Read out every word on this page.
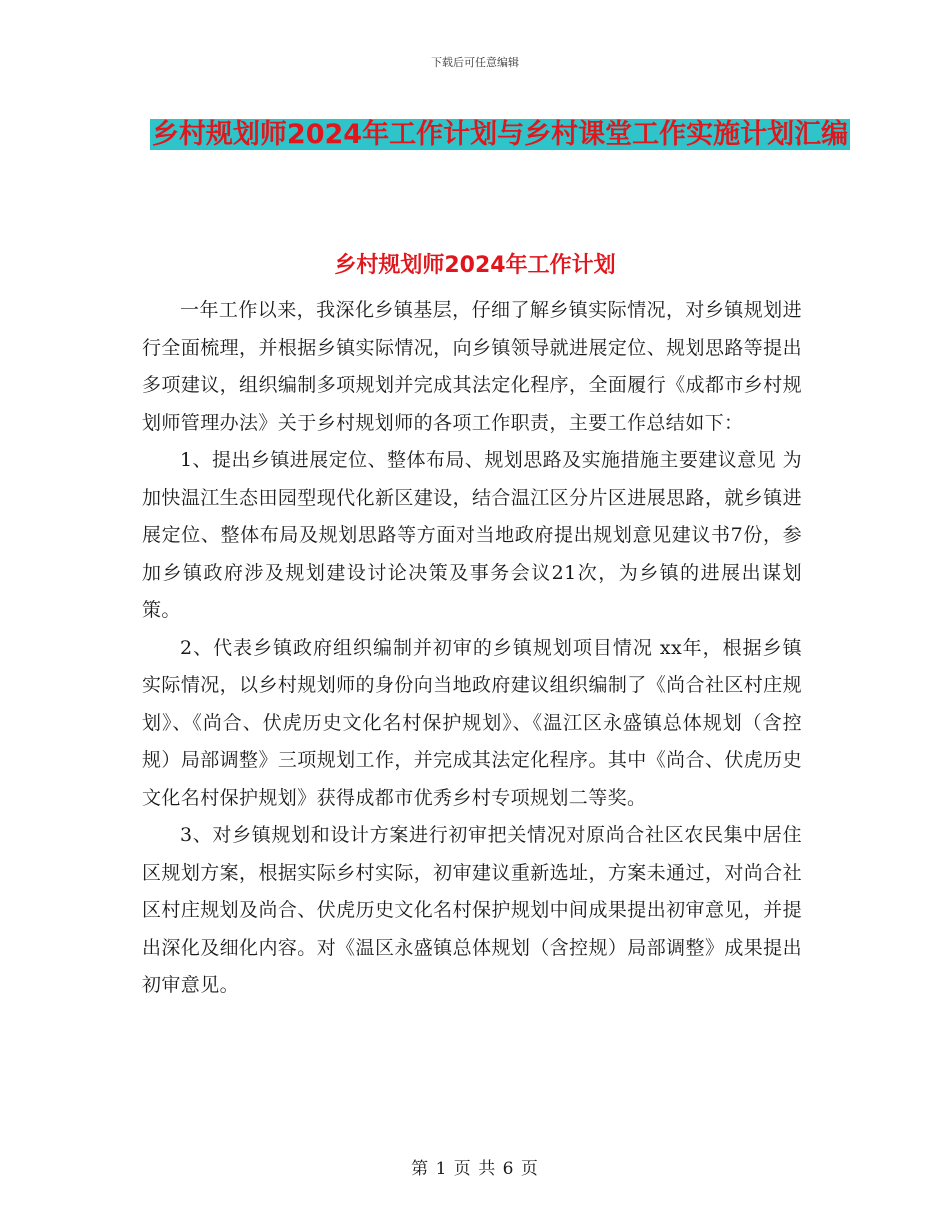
下载后可任意编辑
乡村规划师2024年工作计划与乡村课堂工作实施计划汇编
乡村规划师2024年工作计划

一年工作以来，我深化乡镇基层，仔细了解乡镇实际情况，对乡镇规划进行全面梳理，并根据乡镇实际情况，向乡镇领导就进展定位、规划思路等提出多项建议，组织编制多项规划并完成其法定化程序，全面履行《成都市乡村规划师管理办法》关于乡村规划师的各项工作职责，主要工作总结如下：

1、提出乡镇进展定位、整体布局、规划思路及实施措施主要建议意见 为加快温江生态田园型现代化新区建设，结合温江区分片区进展思路，就乡镇进展定位、整体布局及规划思路等方面对当地政府提出规划意见建议书7份，参加乡镇政府涉及规划建设讨论决策及事务会议21次，为乡镇的进展出谋划策。

2、代表乡镇政府组织编制并初审的乡镇规划项目情况 xx年，根据乡镇实际情况，以乡村规划师的身份向当地政府建议组织编制了《尚合社区村庄规划》、《尚合、伏虎历史文化名村保护规划》、《温江区永盛镇总体规划（含控规）局部调整》三项规划工作，并完成其法定化程序。其中《尚合、伏虎历史文化名村保护规划》获得成都市优秀乡村专项规划二等奖。

3、对乡镇规划和设计方案进行初审把关情况对原尚合社区农民集中居住区规划方案，根据实际乡村实际，初审建议重新选址，方案未通过，对尚合社区村庄规划及尚合、伏虎历史文化名村保护规划中间成果提出初审意见，并提出深化及细化内容。对《温区永盛镇总体规划（含控规）局部调整》成果提出初审意见。

第 1 页 共 6 页
